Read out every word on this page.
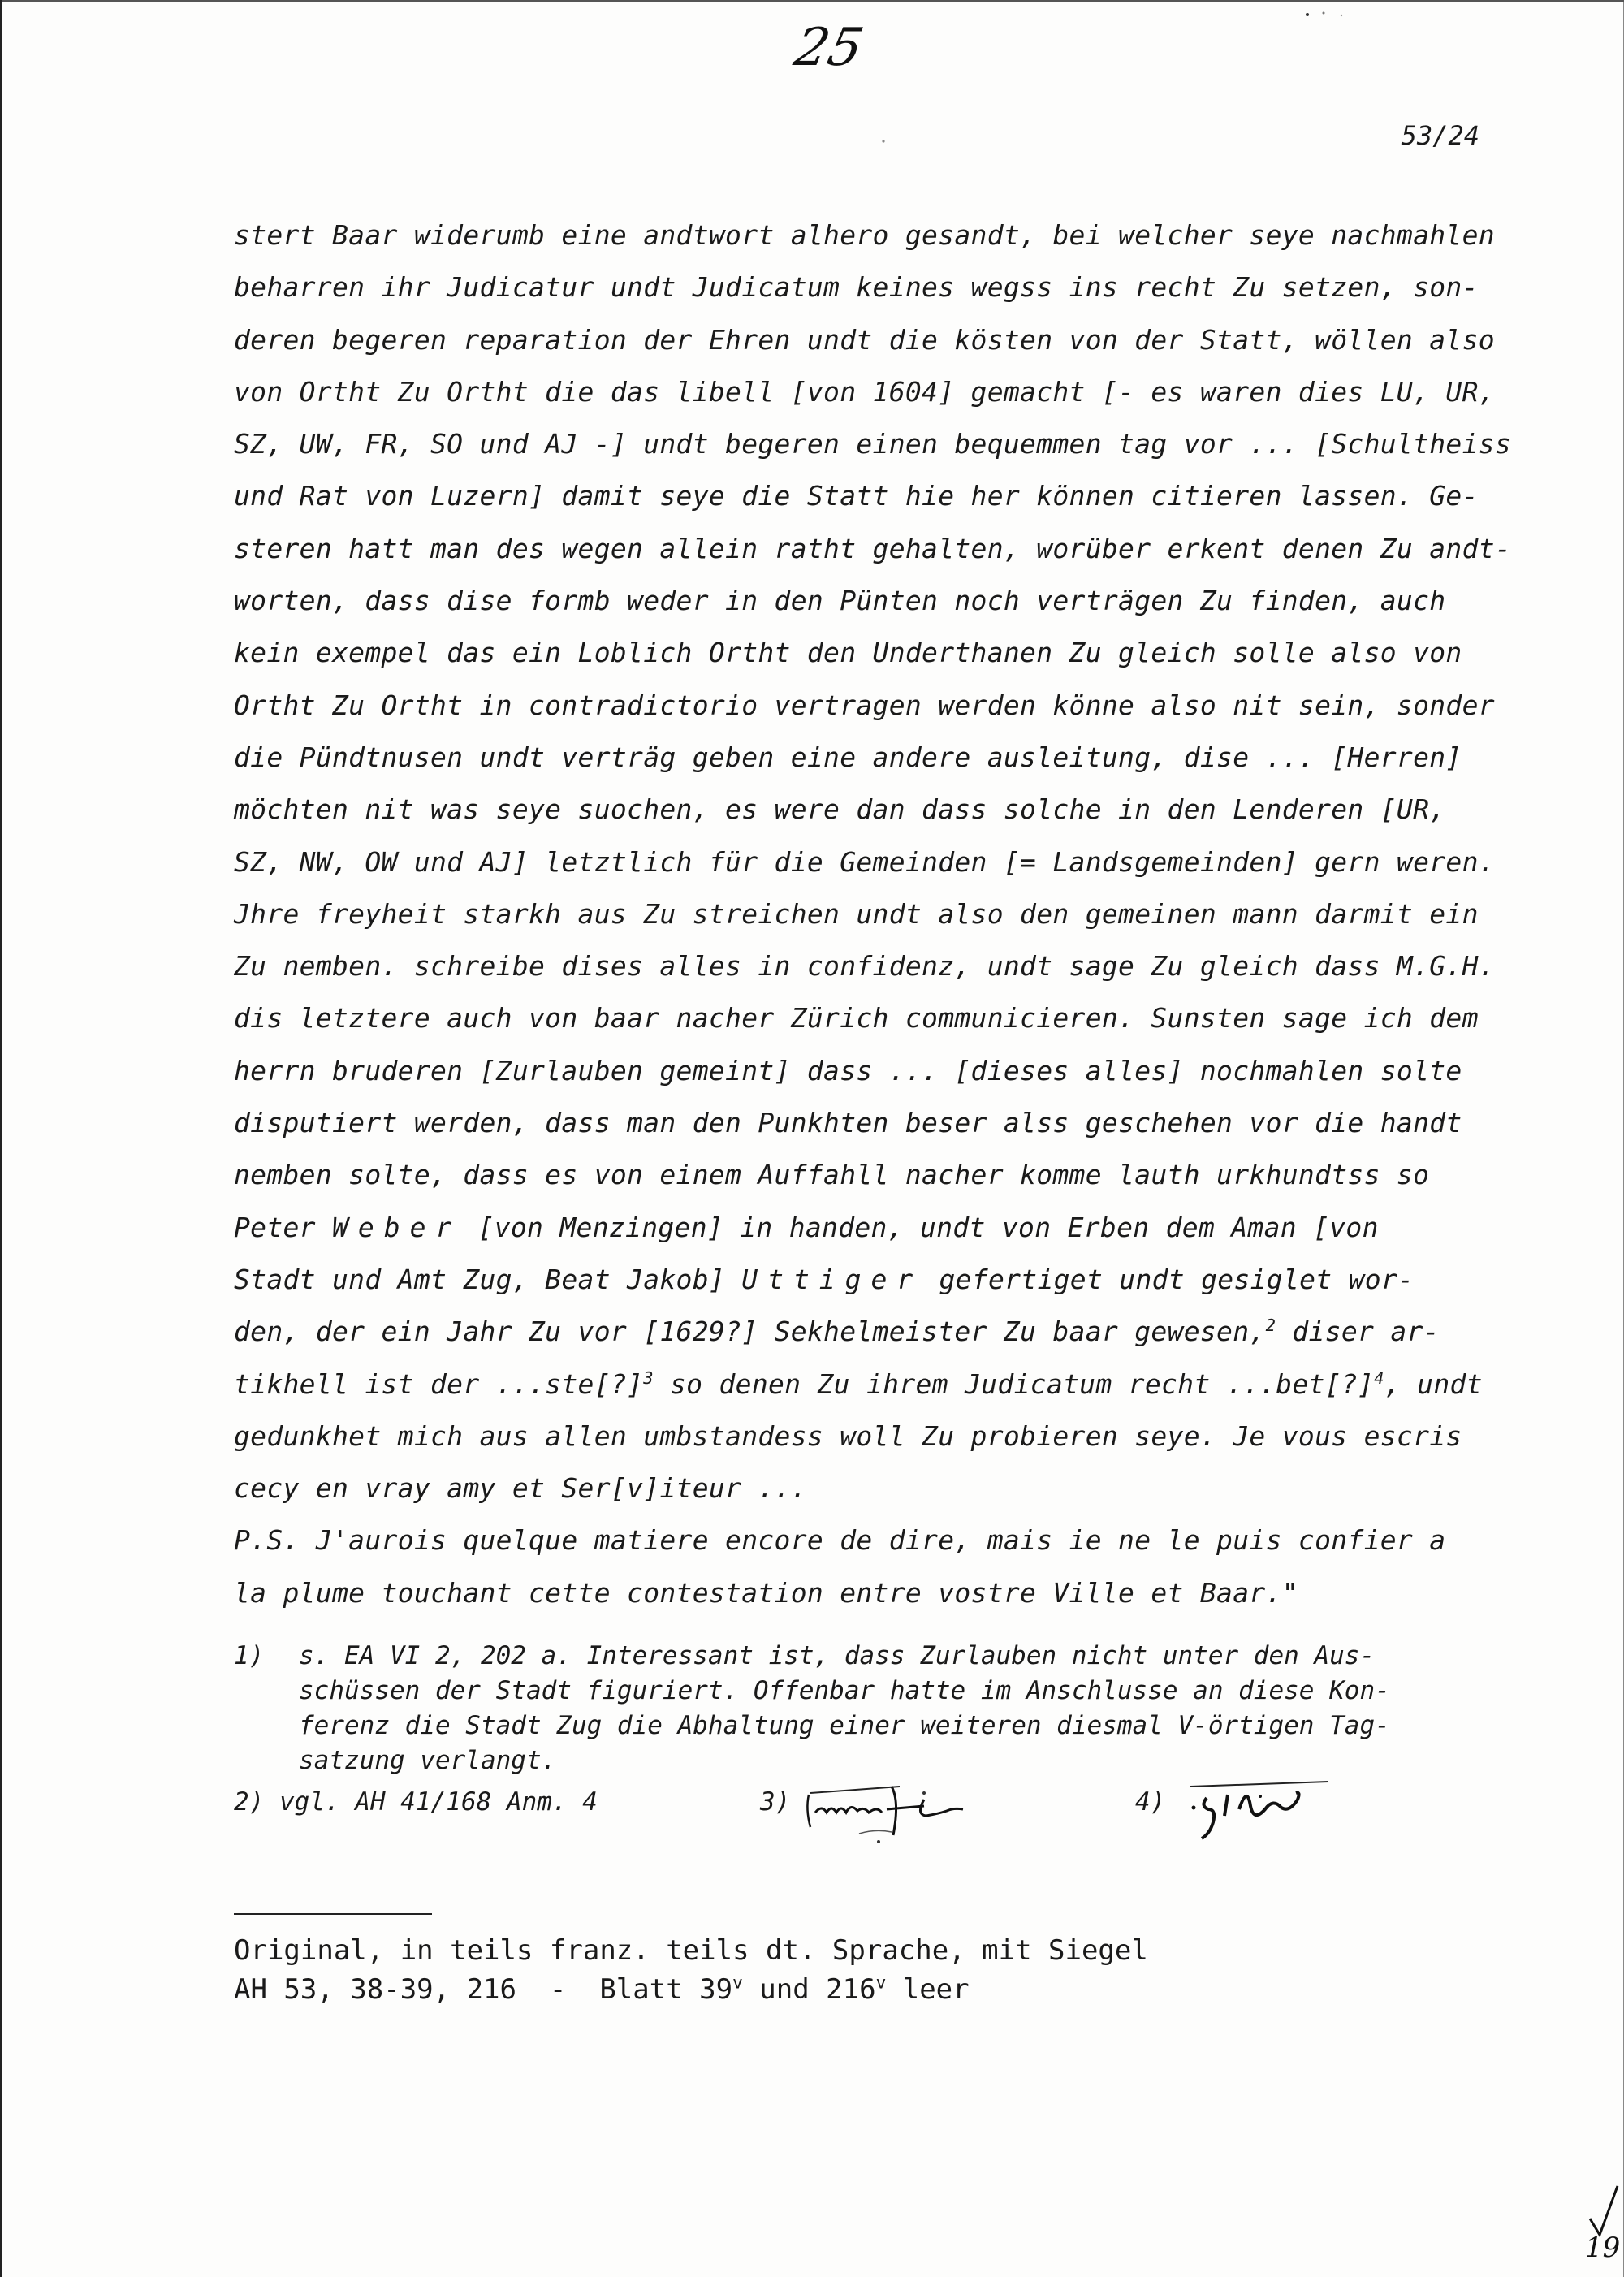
25
53/24
stert Baar widerumb eine andtwort alhero gesandt, bei welcher seye nachmahlen
beharren ihr Judicatur undt Judicatum keines wegss ins recht Zu setzen, son-
deren begeren reparation der Ehren undt die kösten von der Statt, wöllen also
von Ortht Zu Ortht die das libell [von 1604] gemacht [- es waren dies LU, UR,
SZ, UW, FR, SO und AJ -] undt begeren einen bequemmen tag vor ... [Schultheiss
und Rat von Luzern] damit seye die Statt hie her können citieren lassen. Ge-
steren hatt man des wegen allein ratht gehalten, worüber erkent denen Zu andt-
worten, dass dise formb weder in den Pünten noch verträgen Zu finden, auch
kein exempel das ein Loblich Ortht den Underthanen Zu gleich solle also von
Ortht Zu Ortht in contradictorio vertragen werden könne also nit sein, sonder
die Pündtnusen undt verträg geben eine andere ausleitung, dise ... [Herren]
möchten nit was seye suochen, es were dan dass solche in den Lenderen [UR,
SZ, NW, OW und AJ] letztlich für die Gemeinden [= Landsgemeinden] gern weren.
Jhre freyheit starkh aus Zu streichen undt also den gemeinen mann darmit ein
Zu nemben. schreibe dises alles in confidenz, undt sage Zu gleich dass M.G.H.
dis letztere auch von baar nacher Zürich communicieren. Sunsten sage ich dem
herrn bruderen [Zurlauben gemeint] dass ... [dieses alles] nochmahlen solte
disputiert werden, dass man den Punkhten beser alss geschehen vor die handt
nemben solte, dass es von einem Auffahll nacher komme lauth urkhundtss so
Peter Weber [von Menzingen] in handen, undt von Erben dem Aman [von
Stadt und Amt Zug, Beat Jakob] Uttiger gefertiget undt gesiglet wor-
den, der ein Jahr Zu vor [1629?] Sekhelmeister Zu baar gewesen,$^2$ diser ar-
tikhell ist der ...ste[?]$^3$ so denen Zu ihrem Judicatum recht ...bet[?]$^4$, undt
gedunkhet mich aus allen umbstandess woll Zu probieren seye. Je vous escris
cecy en vray amy et Ser[v]iteur ...
P.S. J'aurois quelque matiere encore de dire, mais ie ne le puis confier a
la plume touchant cette contestation entre vostre Ville et Baar."
1) s. EA VI 2, 202 a. Interessant ist, dass Zurlauben nicht unter den Aus-
schüssen der Stadt figuriert. Offenbar hatte im Anschlusse an diese Kon-
ferenz die Stadt Zug die Abhaltung einer weiteren diesmal V-örtigen Tag-
satzung verlangt.
2) vgl. AH 41/168 Anm. 4	3)	4)
Original, in teils franz. teils dt. Sprache, mit Siegel
AH 53, 38-39, 216  -  Blatt 39$^v$ und 216$^v$ leer
19
